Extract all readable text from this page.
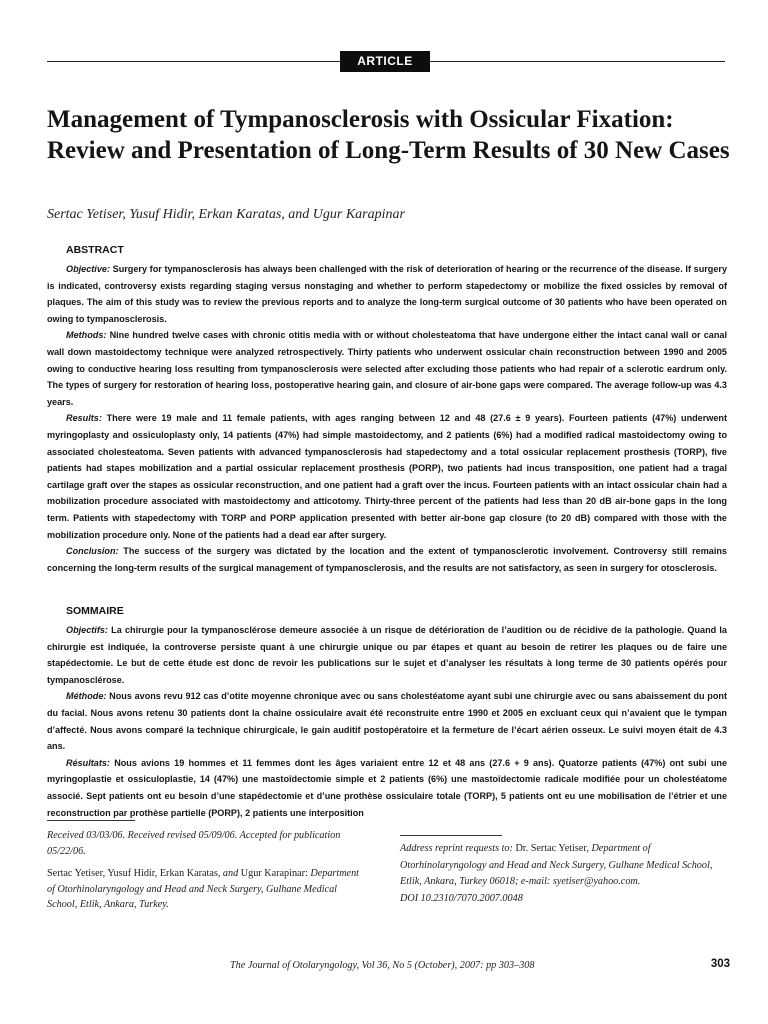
ARTICLE
Management of Tympanosclerosis with Ossicular Fixation: Review and Presentation of Long-Term Results of 30 New Cases
Sertac Yetiser, Yusuf Hidir, Erkan Karatas, and Ugur Karapinar
ABSTRACT

Objective: Surgery for tympanosclerosis has always been challenged with the risk of deterioration of hearing or the recurrence of the disease. If surgery is indicated, controversy exists regarding staging versus nonstaging and whether to perform stapedectomy or mobilize the fixed ossicles by removal of plaques. The aim of this study was to review the previous reports and to analyze the long-term surgical outcome of 30 patients who have been operated on owing to tympanosclerosis.

Methods: Nine hundred twelve cases with chronic otitis media with or without cholesteatoma that have undergone either the intact canal wall or canal wall down mastoidectomy technique were analyzed retrospectively. Thirty patients who underwent ossicular chain reconstruction between 1990 and 2005 owing to conductive hearing loss resulting from tympanosclerosis were selected after excluding those patients who had repair of a sclerotic eardrum only. The types of surgery for restoration of hearing loss, postoperative hearing gain, and closure of air-bone gaps were compared. The average follow-up was 4.3 years.

Results: There were 19 male and 11 female patients, with ages ranging between 12 and 48 (27.6 ± 9 years). Fourteen patients (47%) underwent myringoplasty and ossiculoplasty only, 14 patients (47%) had simple mastoidectomy, and 2 patients (6%) had a modified radical mastoidectomy owing to associated cholesteatoma. Seven patients with advanced tympanosclerosis had stapedectomy and a total ossicular replacement prosthesis (TORP), five patients had stapes mobilization and a partial ossicular replacement prosthesis (PORP), two patients had incus transposition, one patient had a tragal cartilage graft over the stapes as ossicular reconstruction, and one patient had a graft over the incus. Fourteen patients with an intact ossicular chain had a mobilization procedure associated with mastoidectomy and atticotomy. Thirty-three percent of the patients had less than 20 dB air-bone gaps in the long term. Patients with stapedectomy with TORP and PORP application presented with better air-bone gap closure (to 20 dB) compared with those with the mobilization procedure only. None of the patients had a dead ear after surgery.

Conclusion: The success of the surgery was dictated by the location and the extent of tympanosclerotic involvement. Controversy still remains concerning the long-term results of the surgical management of tympanosclerosis, and the results are not satisfactory, as seen in surgery for otosclerosis.

SOMMAIRE

Objectifs: La chirurgie pour la tympanosclérose demeure associée à un risque de détérioration de l’audition ou de récidive de la pathologie. Quand la chirurgie est indiquée, la controverse persiste quant à une chirurgie unique ou par étapes et quant au besoin de retirer les plaques ou de faire une stapédectomie. Le but de cette étude est donc de revoir les publications sur le sujet et d’analyser les résultats à long terme de 30 patients opérés pour tympanosclérose.

Méthode: Nous avons revu 912 cas d’otite moyenne chronique avec ou sans cholestéatome ayant subi une chirurgie avec ou sans abaissement du pont du facial. Nous avons retenu 30 patients dont la chaîne ossiculaire avait été reconstruite entre 1990 et 2005 en excluant ceux qui n’avaient que le tympan d’affecté. Nous avons comparé la technique chirurgicale, le gain auditif postopératoire et la fermeture de l’écart aérien osseux. Le suivi moyen était de 4.3 ans.

Résultats: Nous avions 19 hommes et 11 femmes dont les âges variaient entre 12 et 48 ans (27.6 + 9 ans). Quatorze patients (47%) ont subi une myringoplastie et ossiculoplastie, 14 (47%) une mastoïdectomie simple et 2 patients (6%) une mastoïdectomie radicale modifiée pour un cholestéatome associé. Sept patients ont eu besoin d’une stapédectomie et d’une prothèse ossiculaire totale (TORP), 5 patients ont eu une mobilisation de l’étrier et une reconstruction par prothèse partielle (PORP), 2 patients une interposition

Received 03/03/06. Received revised 05/09/06. Accepted for publication 05/22/06.
Sertac Yetiser, Yusuf Hidir, Erkan Karatas, and Ugur Karapinar: Department of Otorhinolaryngology and Head and Neck Surgery, Gulhane Medical School, Etlik, Ankara, Turkey.
Address reprint requests to: Dr. Sertac Yetiser, Department of Otorhinolaryngology and Head and Neck Surgery, Gulhane Medical School, Etlik, Ankara, Turkey 06018; e-mail: syetiser@yahoo.com.
DOI 10.2310/7070.2007.0048
The Journal of Otolaryngology, Vol 36, No 5 (October), 2007: pp 303–308	303
